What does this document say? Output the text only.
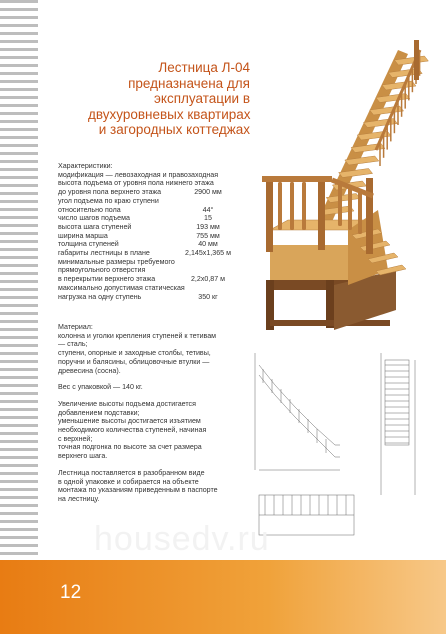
Лестница Л-04
предназначена для
эксплуатации в
двухуровневых квартирах
и загородных коттеджах
Характеристики:
модификация — левозаходная и правозаходная
высота подъема от уровня пола нижнего этажа
до уровня пола верхнего этажа	2900 мм
угол подъема по краю ступени
относительно пола	44°
число шагов подъема	15
высота шага ступеней	193 мм
ширина марша	755 мм
толщина ступеней	40 мм
габариты лестницы в плане	2,145х1,365 м
минимальные размеры требуемого
прямоугольного отверстия
в перекрытии верхнего этажа	2,2х0,87 м
максимально допустимая статическая
нагрузка на одну ступень	350 кг

Материал:
колонна и уголки крепления ступеней к тетивам
— сталь;
ступени, опорные и заходные столбы, тетивы,
поручни и балясины, облицовочные втулки —
древесина (сосна).

Вес с упаковкой — 140 кг.

Увеличение высоты подъема достигается
добавлением подставки;
уменьшение высоты достигается изъятием
необходимого количества ступеней, начиная
с верхней;
точная подгонка по высоте за счет размера
верхнего шага.

Лестница поставляется в разобранном виде
в одной упаковке и собирается на объекте
монтажа по указаниям приведенным в паспорте
на лестницу.

housedv.ru
12
